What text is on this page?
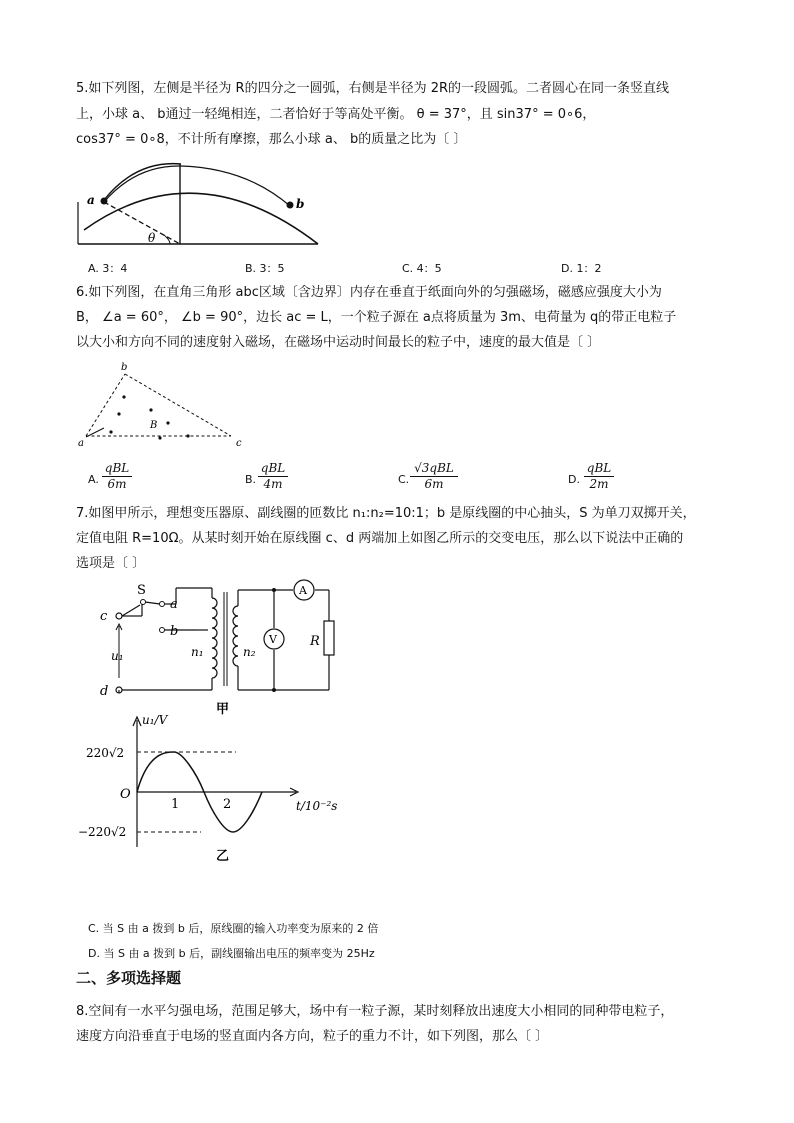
5.如下列图，左侧是半径为 R的四分之一圆弧，右侧是半径为 2R的一段圆弧。二者圆心在同一条竖直线
上，小球 a、 b通过一轻绳相连，二者恰好于等高处平衡。 θ = 37°，且 sin37° = 0∘6，
cos37° = 0∘8，不计所有摩擦，那么小球 a、 b的质量之比为〔 〕
a	b
θ
A. 3：4	B. 3：5	C. 4：5	D. 1：2
6.如下列图，在直角三角形 abc区域〔含边界〕内存在垂直于纸面向外的匀强磁场，磁感应强度大小为
B， ∠a = 60°， ∠b = 90°，边长 ac = L，一个粒子源在 a点将质量为 3m、电荷量为 q的带正电粒子
以大小和方向不同的速度射入磁场，在磁场中运动时间最长的粒子中，速度的最大值是〔 〕
b
a	c
B
A.
qBL
6m	B.
qBL
4m	C.
√3qBL
6m	D.
qBL
2m
7.如图甲所示，理想变压器原、副线圈的匝数比 n₁:n₂=10:1；b 是原线圈的中心抽头，S 为单刀双掷开关，
定值电阻 R=10Ω。从某时刻开始在原线圈 c、d 两端加上如图乙所示的交变电压，那么以下说法中正确的
选项是〔 〕
c
d
S
a
b
u₁	n₁	n₂
A
V	R
甲
u₁/V
220√2
−220√2
O
1	2	t/10⁻²s
乙
C. 当 S 由 a 拨到 b 后，原线圈的输入功率变为原来的 2 倍
D. 当 S 由 a 拨到 b 后，副线圈输出电压的频率变为 25Hz
二、多项选择题
8.空间有一水平匀强电场，范围足够大，场中有一粒子源，某时刻释放出速度大小相同的同种带电粒子，
速度方向沿垂直于电场的竖直面内各方向，粒子的重力不计，如下列图，那么〔 〕
